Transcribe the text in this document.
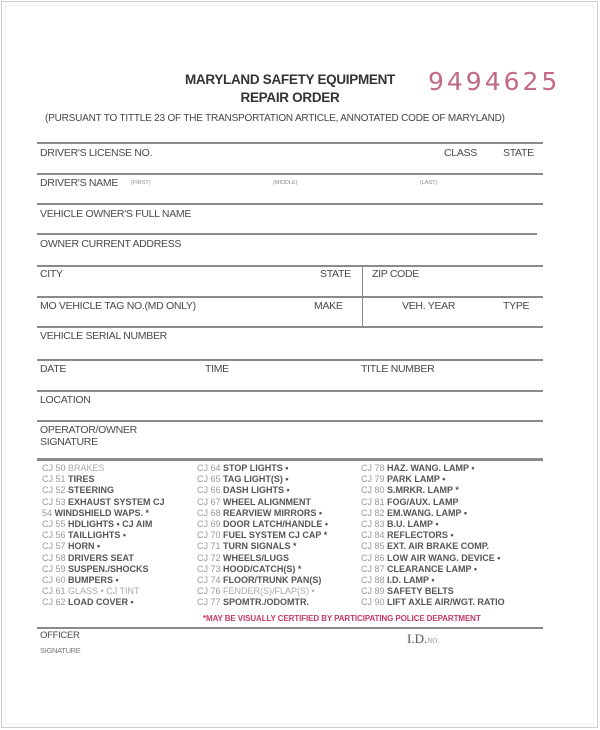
MARYLAND SAFETY EQUIPMENT
REPAIR ORDER
9494625
(PURSUANT TO TITTLE 23 OF THE TRANSPORTATION ARTICLE, ANNOTATED CODE OF MARYLAND)
DRIVER'S LICENSE NO.	CLASS STATE
DRIVER'S NAME (FIRST)	(MIDDLE)	(LAST)
VEHICLE OWNER'S FULL NAME
OWNER CURRENT ADDRESS
CITY	STATE ZIP CODE
MO VEHICLE TAG NO.(MD ONLY)	MAKE	VEH. YEAR	TYPE
VEHICLE SERIAL NUMBER
DATE	TIME	TITLE NUMBER
LOCATION
OPERATOR/OWNER
SIGNATURE
CJ 50 BRAKES
CJ 51 TIRES
CJ 52 STEERING
CJ 53 EXHAUST SYSTEM CJ
54 WINDSHIELD WAPS. *
CJ 55 HDLIGHTS • CJ AIM
CJ 56 TAILLIGHTS •
CJ 57 HORN •
CJ 58 DRIVERS SEAT
CJ 59 SUSPEN./SHOCKS
CJ 60 BUMPERS •
CJ 61 GLASS • CJ TINT
CJ 62 LOAD COVER •
CJ 64 STOP LIGHTS •
CJ 65 TAG LIGHT(S) •
CJ 66 DASH LIGHTS •
CJ 67 WHEEL ALIGNMENT
CJ 68 REARVIEW MIRRORS •
CJ 69 DOOR LATCH/HANDLE •
CJ 70 FUEL SYSTEM CJ CAP *
CJ 71 TURN SIGNALS *
CJ 72 WHEELS/LUGS
CJ 73 HOOD/CATCH(S) *
CJ 74 FLOOR/TRUNK PAN(S)
CJ 76 FENDER(S)/FLAP(S) •
CJ 77 SPOMTR./ODOMTR.
CJ 78 HAZ. WANG. LAMP •
CJ 79 PARK LAMP •
CJ 80 S.MRKR. LAMP *
CJ 81 FOG/AUX. LAMP
CJ 82 EM.WANG. LAMP •
CJ 83 B.U. LAMP •
CJ 84 REFLECTORS •
CJ 85 EXT. AIR BRAKE COMP.
CJ 86 LOW AIR WANG. DEVICE •
CJ 87 CLEARANCE LAMP •
CJ 88 I.D. LAMP •
CJ 89 SAFETY BELTS
CJ 90 LIFT AXLE AIR/WGT. RATIO
*MAY BE VISUALLY CERTIFIED BY PARTICIPATING POLICE DEPARTMENT
OFFICER
SIGNATURE
I.D.NO.
